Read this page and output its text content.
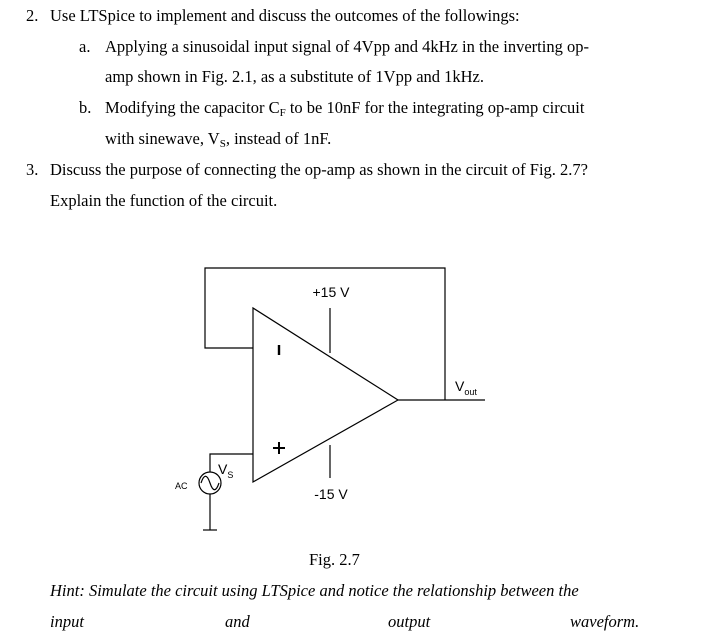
2. Use LTSpice to implement and discuss the outcomes of the followings:
a. Applying a sinusoidal input signal of 4Vpp and 4kHz in the inverting op-
amp shown in Fig. 2.1, as a substitute of 1Vpp and 1kHz.
b. Modifying the capacitor $C_F$ to be 10nF for the integrating op-amp circuit
with sinewave, $V_S$, instead of 1nF.
3. Discuss the purpose of connecting the op-amp as shown in the circuit of Fig. 2.7?
Explain the function of the circuit.
+15 V
-15 V
$V_{out}$
$V_S$
AC
Fig. 2.7
Hint: Simulate the circuit using LTSpice and notice the relationship between the
input	and	output	waveform.
